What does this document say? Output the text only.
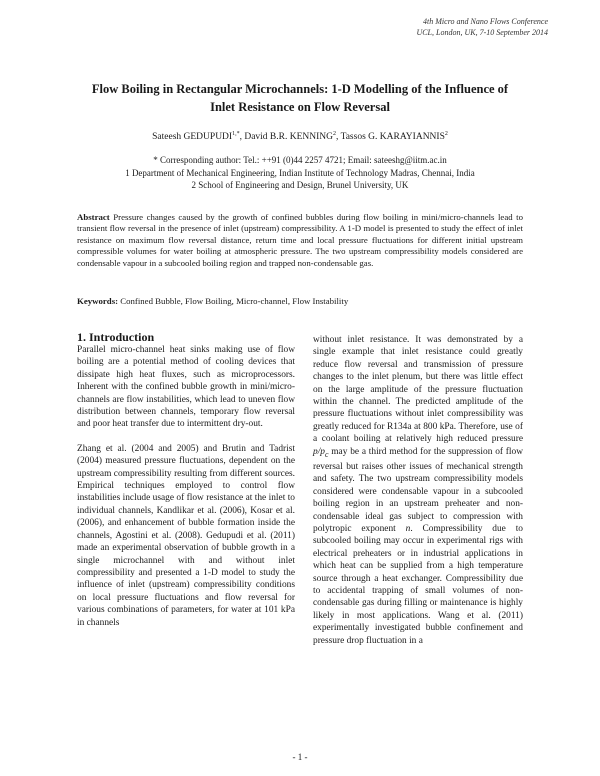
4th Micro and Nano Flows Conference
UCL, London, UK, 7-10 September 2014
Flow Boiling in Rectangular Microchannels: 1-D Modelling of the Influence of
Inlet Resistance on Flow Reversal
Sateesh $GEDUPUDI^{1,*}$, David B.R. KENNING$^2$, Tassos G. KARAYIANNIS$^2$
* Corresponding author: Tel.: ++91 (0)44 2257 4721; Email: sateeshg@iitm.ac.in
1 Department of Mechanical Engineering, Indian Institute of Technology Madras, Chennai, India
2 School of Engineering and Design, Brunel University, UK

Abstract Pressure changes caused by the growth of confined bubbles during flow boiling in mini/micro-channels lead to transient flow reversal in the presence of inlet (upstream) compressibility. A 1-D model is presented to study the effect of inlet resistance on maximum flow reversal distance, return time and local pressure fluctuations for different initial upstream compressible volumes for water boiling at atmospheric pressure. The two upstream compressibility models considered are condensable vapour in a subcooled boiling region and trapped non-condensable gas.

Keywords: Confined Bubble, Flow Boiling, Micro-channel, Flow Instability

1. Introduction

Parallel micro-channel heat sinks making use of flow boiling are a potential method of cooling devices that dissipate high heat fluxes, such as microprocessors. Inherent with the confined bubble growth in mini/micro-channels are flow instabilities, which lead to uneven flow distribution between channels, temporary flow reversal and poor heat transfer due to intermittent dry-out.

Zhang et al. (2004 and 2005) and Brutin and Tadrist (2004) measured pressure fluctuations, dependent on the upstream compressibility resulting from different sources. Empirical techniques employed to control flow instabilities include usage of flow resistance at the inlet to individual channels, Kandlikar et al. (2006), Kosar et al. (2006), and enhancement of bubble formation inside the channels, Agostini et al. (2008). Gedupudi et al. (2011) made an experimental observation of bubble growth in a single microchannel with and without inlet compressibility and presented a 1-D model to study the influence of inlet (upstream) compressibility conditions on local pressure fluctuations and flow reversal for various combinations of parameters, for water at 101 kPa in channels

without inlet resistance. It was demonstrated by a single example that inlet resistance could greatly reduce flow reversal and transmission of pressure changes to the inlet plenum, but there was little effect on the large amplitude of the pressure fluctuation within the channel. The predicted amplitude of the pressure fluctuations without inlet compressibility was greatly reduced for R134a at 800 kPa. Therefore, use of a coolant boiling at relatively high reduced pressure $p/p_c$ may be a third method for the suppression of flow reversal but raises other issues of mechanical strength and safety. The two upstream compressibility models considered were condensable vapour in a subcooled boiling region in an upstream preheater and non-condensable ideal gas subject to compression with polytropic exponent n. Compressibility due to subcooled boiling may occur in experimental rigs with electrical preheaters or in industrial applications in which heat can be supplied from a high temperature source through a heat exchanger. Compressibility due to accidental trapping of small volumes of non-condensable gas during filling or maintenance is highly likely in most applications. Wang et al. (2011) experimentally investigated bubble confinement and pressure drop fluctuation in a

- 1 -
